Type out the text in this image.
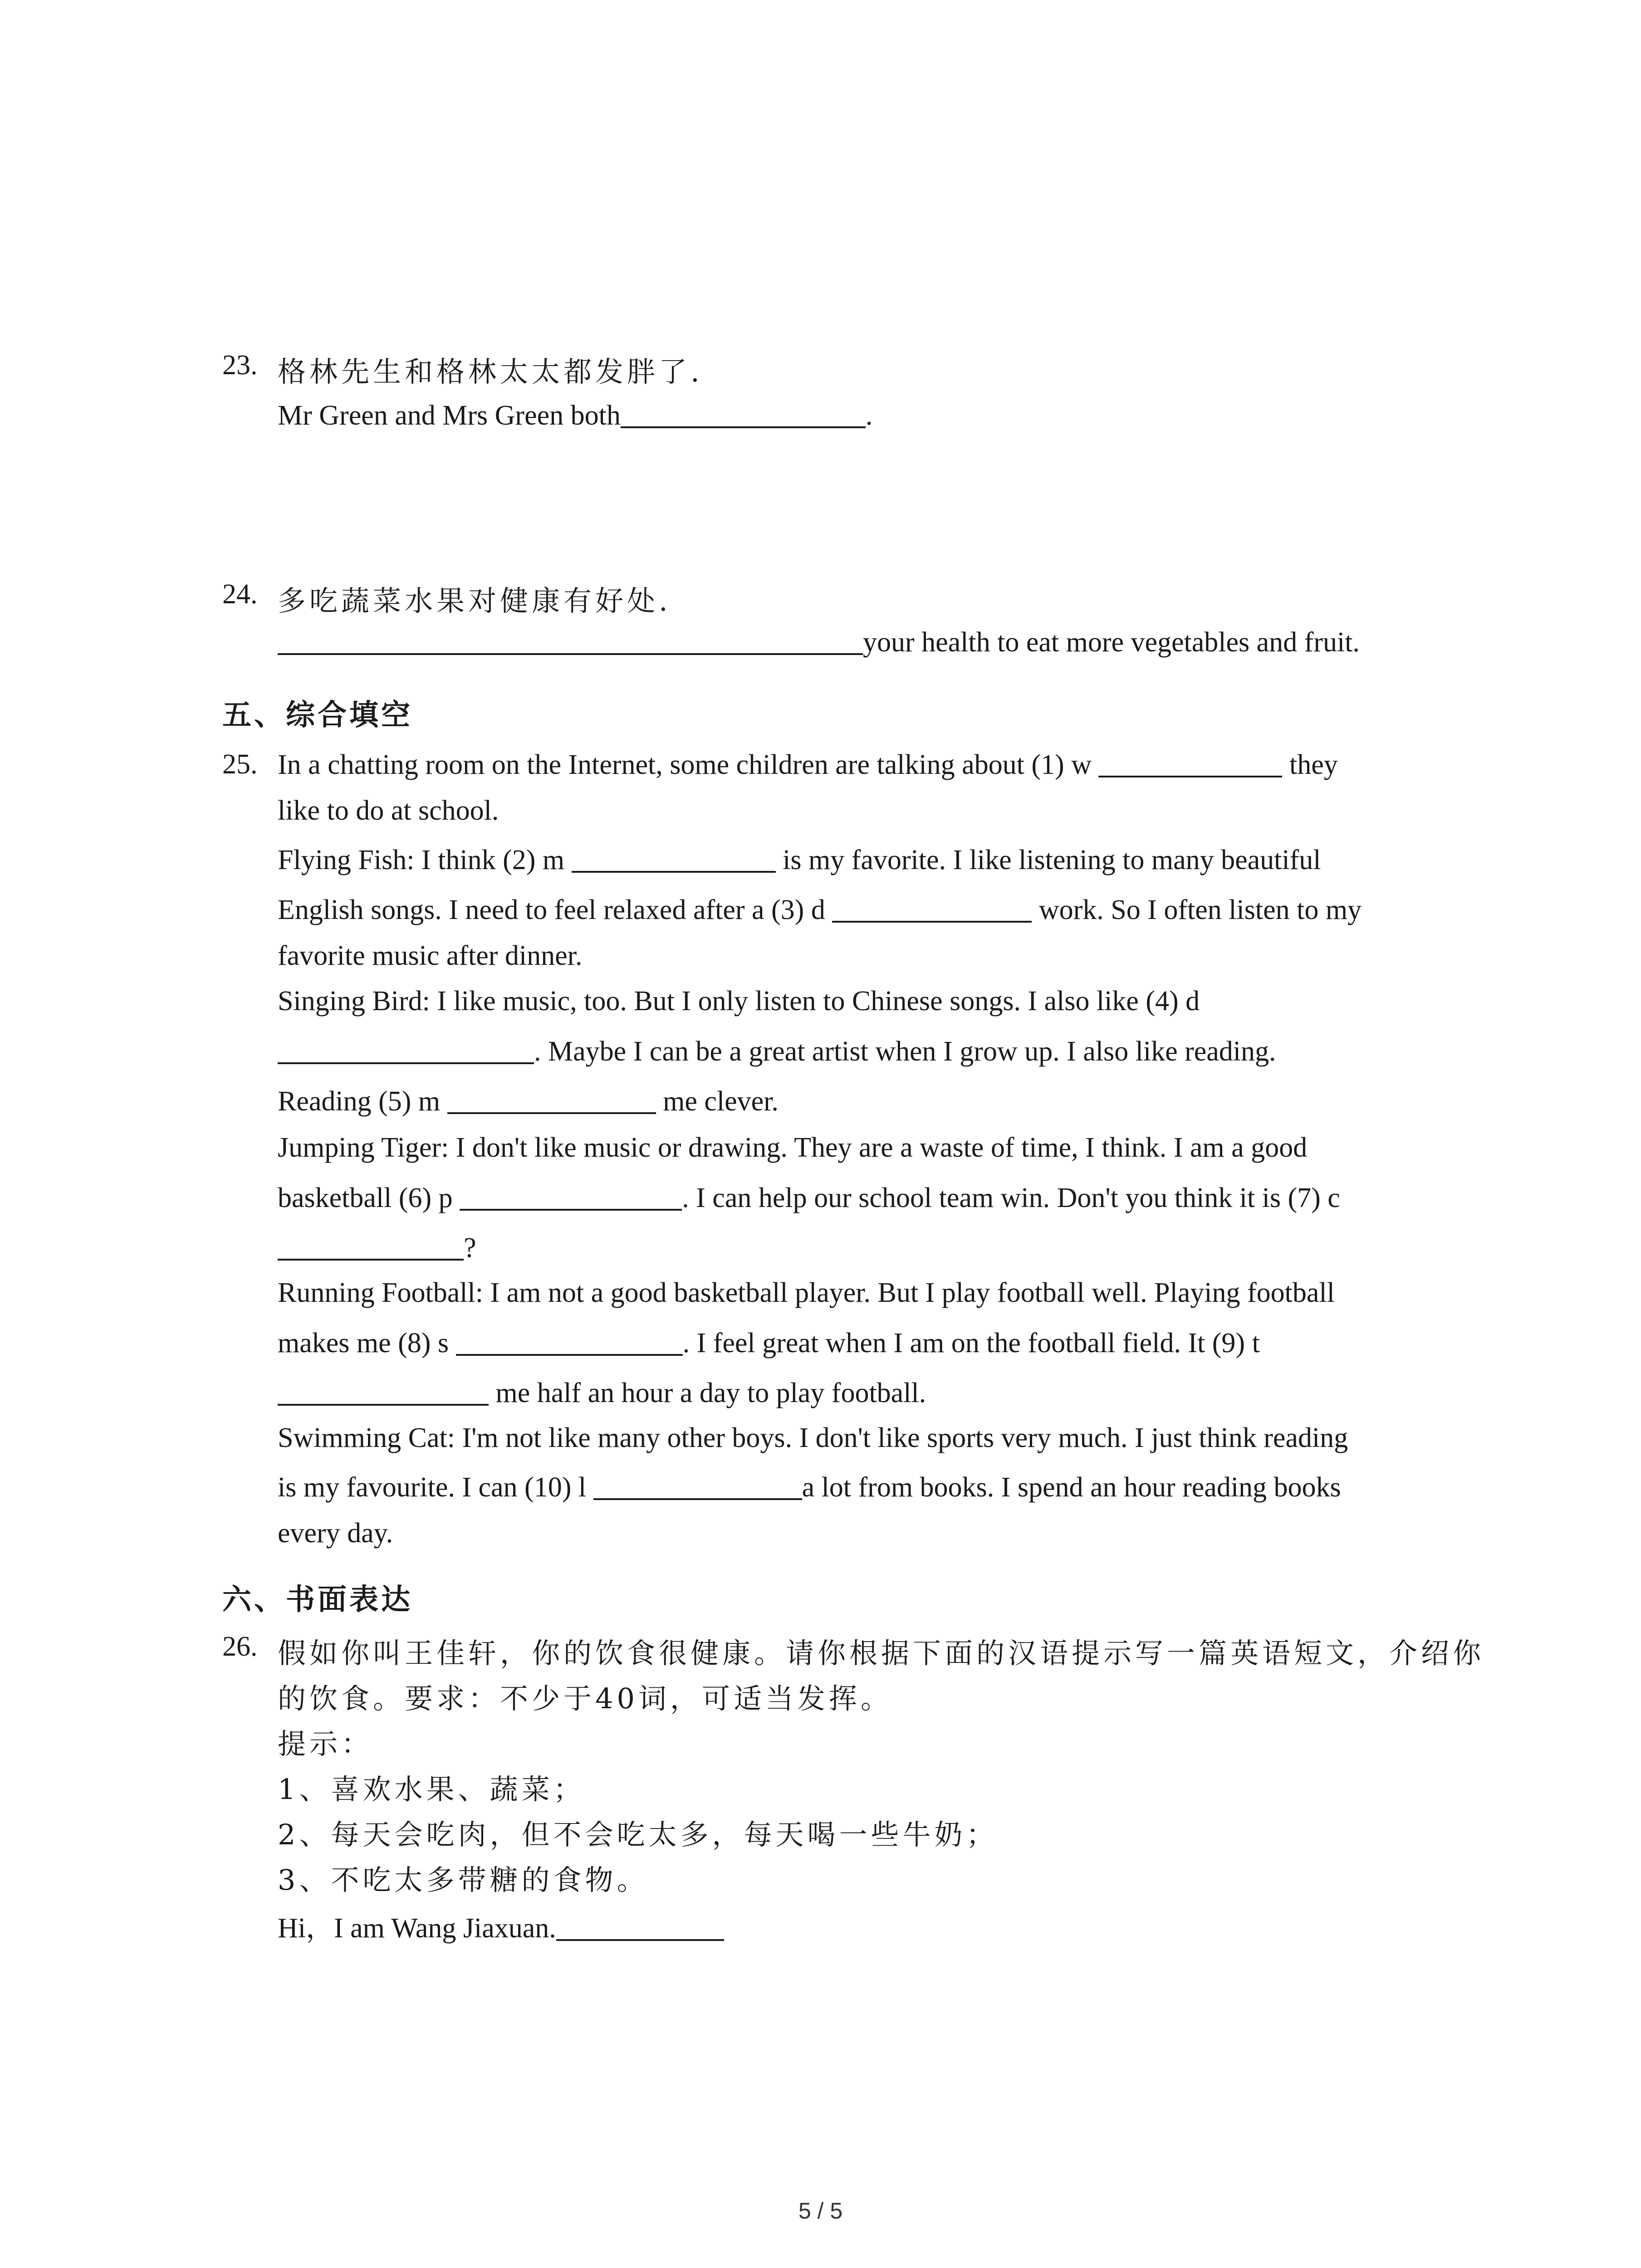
23. 格林先生和格林太太都发胖了.
Mr Green and Mrs Green both	.
24. 多吃蔬菜水果对健康有好处.
your health to eat more vegetables and fruit.
五、综合填空
25. In a chatting room on the Internet, some children are talking about (1) w	they
like to do at school.
Flying Fish: I think (2) m	is my favorite. I like listening to many beautiful
English songs. I need to feel relaxed after a (3) d	work. So I often listen to my
favorite music after dinner.
Singing Bird: I like music, too. But I only listen to Chinese songs. I also like (4) d
. Maybe I can be a great artist when I grow up. I also like reading.
Reading (5) m	me clever.
Jumping Tiger: I don't like music or drawing. They are a waste of time, I think. I am a good
basketball (6) p	. I can help our school team win. Don't you think it is (7) c
?
Running Football: I am not a good basketball player. But I play football well. Playing football
makes me (8) s	. I feel great when I am on the football field. It (9) t
me half an hour a day to play football.
Swimming Cat: I'm not like many other boys. I don't like sports very much. I just think reading
is my favourite. I can (10) l	a lot from books. I spend an hour reading books
every day.
六、书面表达
26. 假如你叫王佳轩，你的饮食很健康。请你根据下面的汉语提示写一篇英语短文，介绍你
的饮食。要求：不少于40词，可适当发挥。
提示：
1、喜欢水果、蔬菜；
2、每天会吃肉，但不会吃太多，每天喝一些牛奶；
3、不吃太多带糖的食物。
Hi，I am Wang Jiaxuan.
5 / 5
